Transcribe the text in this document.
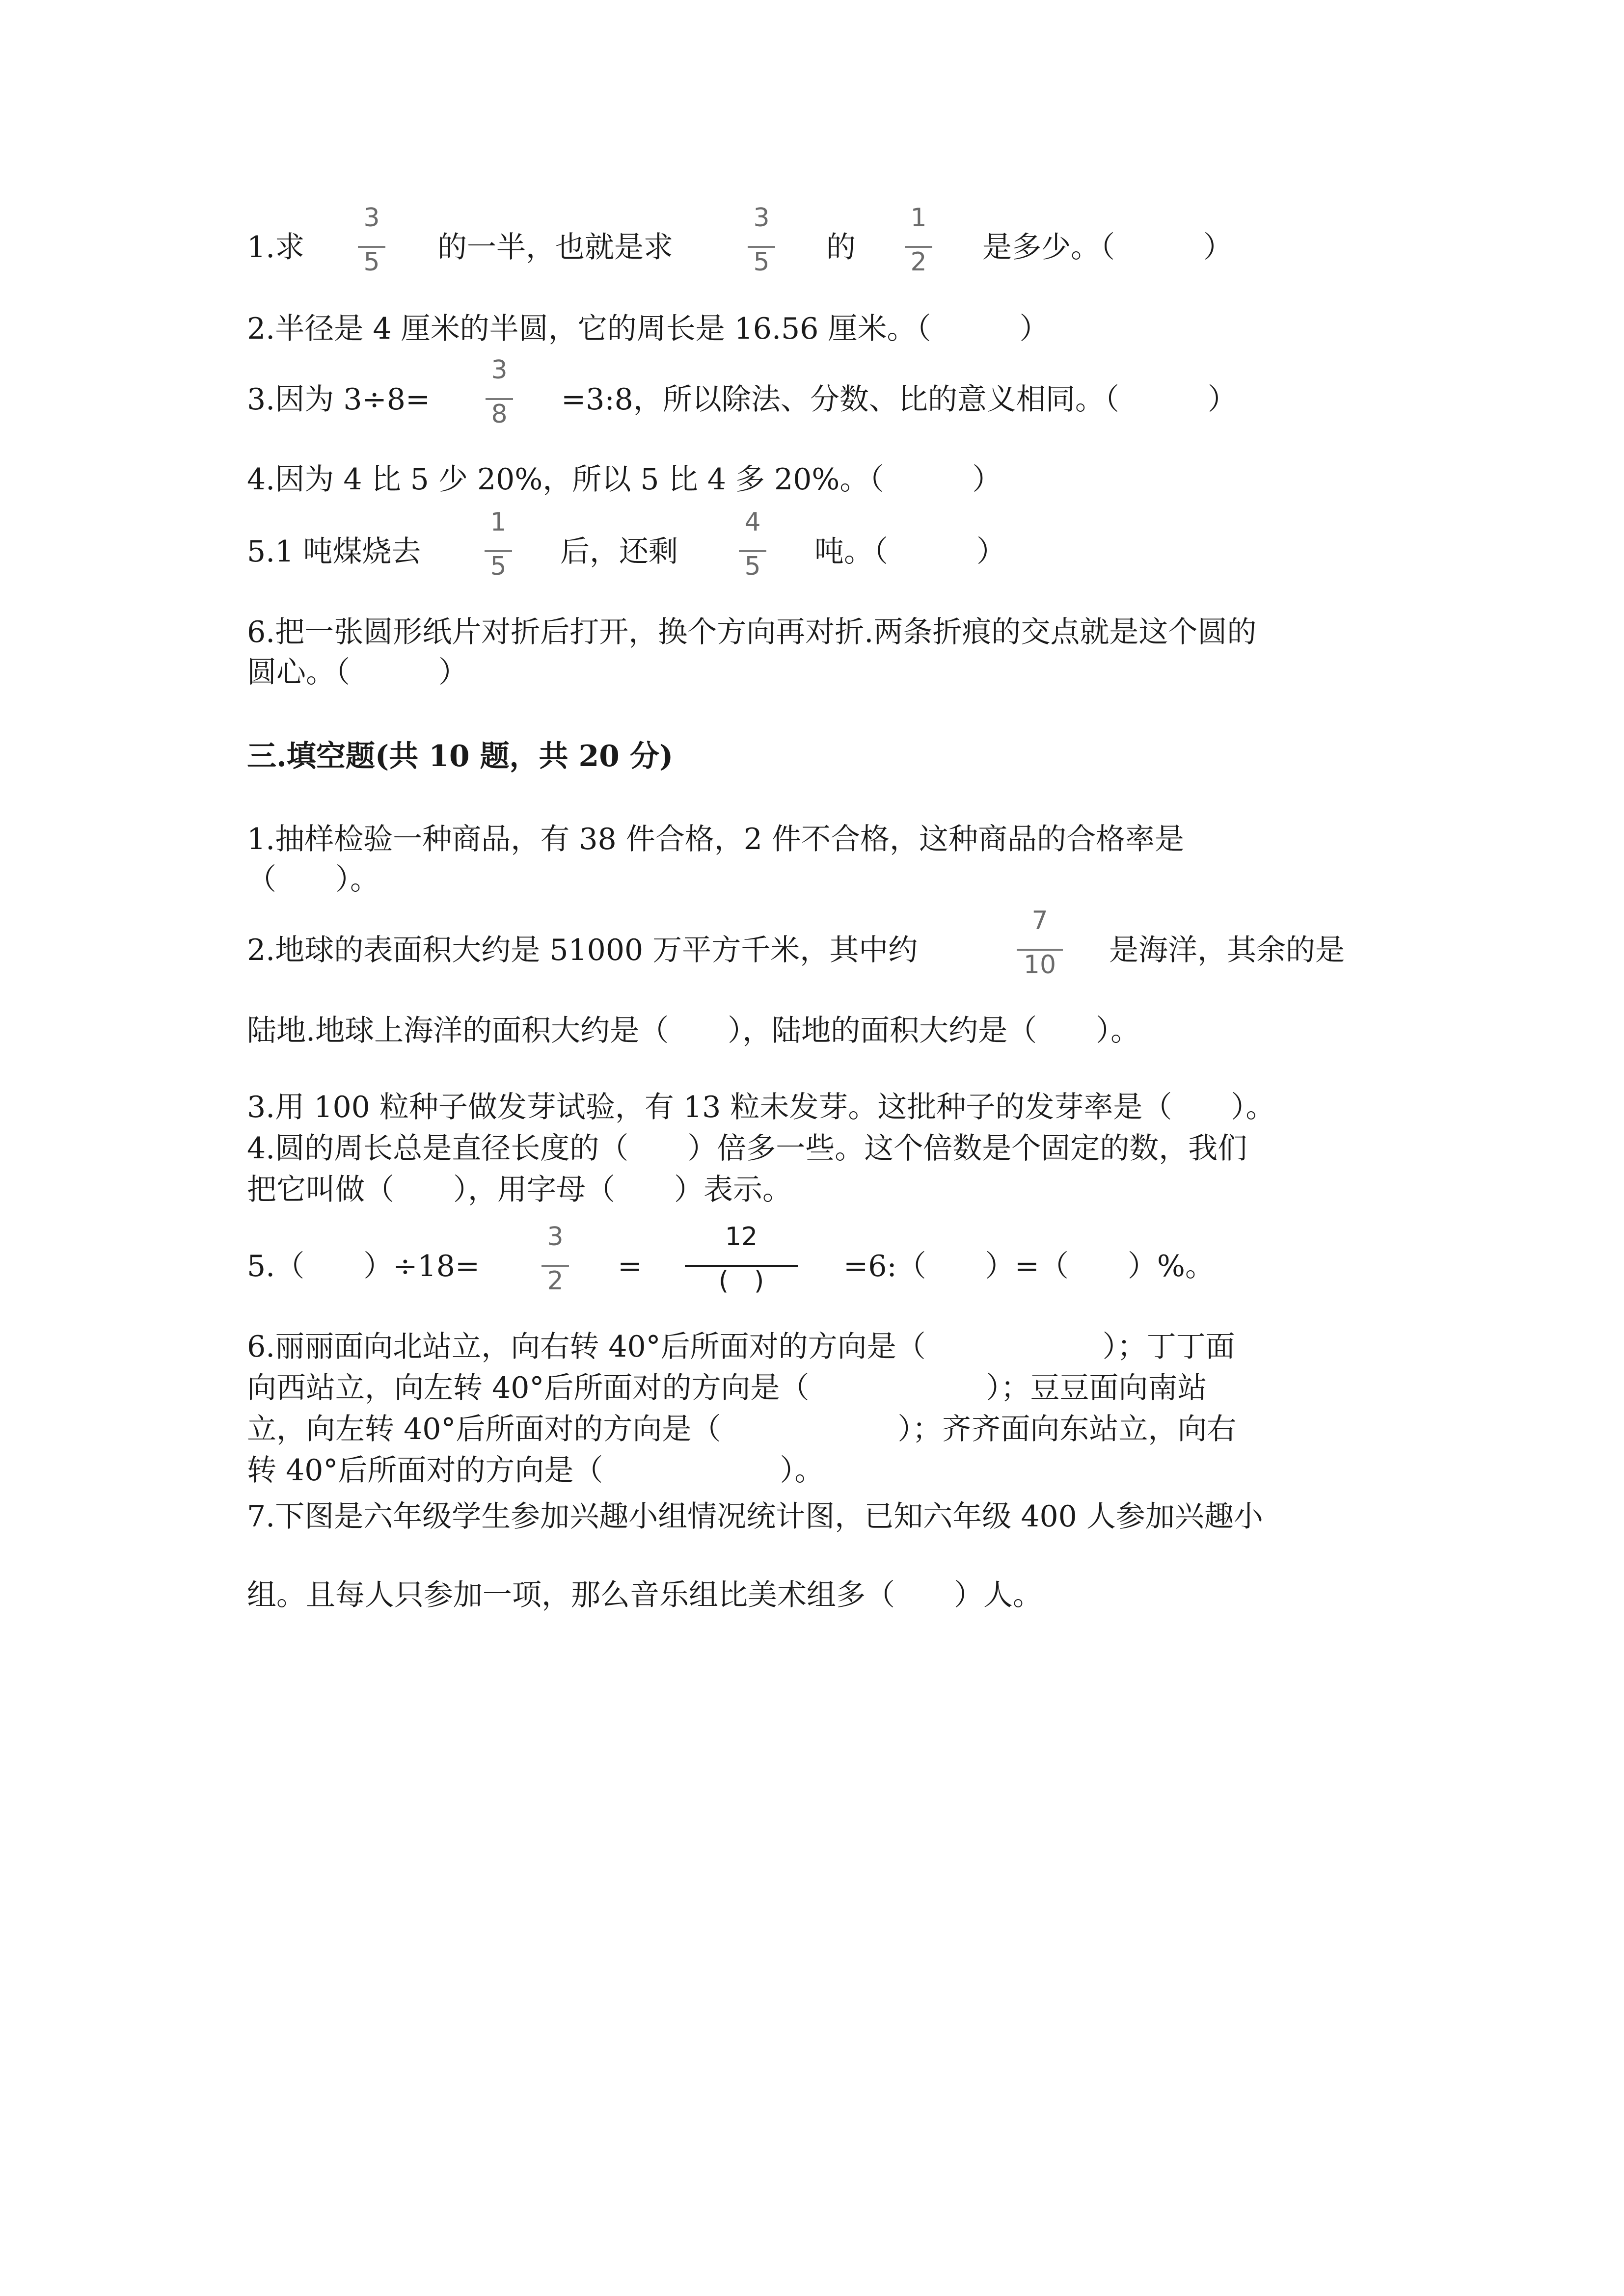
1.求
3
5	的一半，也就是求
3
5	的
1
2	是多少。（　　　）
2.半径是 4 厘米的半圆，它的周长是 16.56 厘米。（　　　）
3.因为 3÷8=
3
8	=3:8，所以除法、分数、比的意义相同。（　　　）
4.因为 4 比 5 少 20%，所以 5 比 4 多 20%。（　　　）
5.1 吨煤烧去
1
5	后，还剩
4
5	吨。（　　　）
6.把一张圆形纸片对折后打开，换个方向再对折.两条折痕的交点就是这个圆的
圆心。（　　　）
三.填空题(共 10 题，共 20 分)
1.抽样检验一种商品，有 38 件合格，2 件不合格，这种商品的合格率是
（　　）。
2.地球的表面积大约是 51000 万平方千米，其中约
7
10	是海洋，其余的是
陆地.地球上海洋的面积大约是（　　），陆地的面积大约是（　　）。
3.用 100 粒种子做发芽试验，有 13 粒未发芽。这批种子的发芽率是（　　）。
4.圆的周长总是直径长度的（　　）倍多一些。这个倍数是个固定的数，我们
把它叫做（　　），用字母（　　）表示。
5.（　　）÷18=
3
2	=
12
(　)	=6:（　　）=（　　）%。
6.丽丽面向北站立，向右转 40°后所面对的方向是（　　　　　　）；丁丁面
向西站立，向左转 40°后所面对的方向是（　　　　　　）；豆豆面向南站
立，向左转 40°后所面对的方向是（　　　　　　）；齐齐面向东站立，向右
转 40°后所面对的方向是（　　　　　　）。
7.下图是六年级学生参加兴趣小组情况统计图，已知六年级 400 人参加兴趣小
组。且每人只参加一项，那么音乐组比美术组多（　　）人。
